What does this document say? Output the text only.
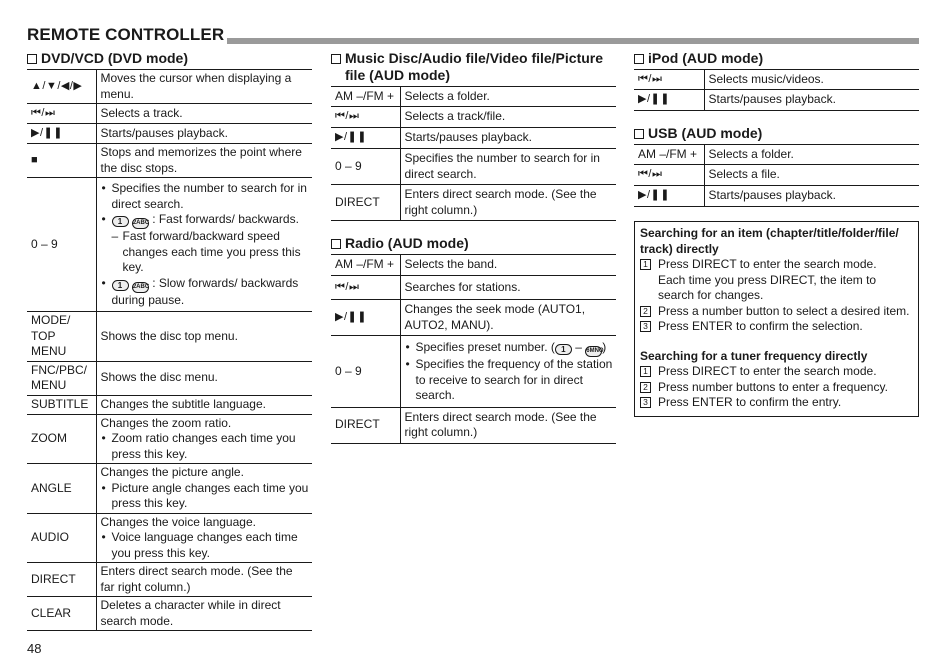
REMOTE CONTROLLER
DVD/VCD (DVD mode)
▲/▼/◀/▶	Moves the cursor when displaying a menu.
⏮/⏭	Selects a track.
▶/❚❚	Starts/pauses playback.
■	Stops and memorizes the point where the disc stops.
0 – 9	• Specifies the number to search for in direct search.
• 1 2ABC : Fast forwards/ backwards.
– Fast forward/backward speed changes each time you press this key.
• 1 2ABC : Slow forwards/ backwards during pause.

MODE/ TOP MENU	Shows the disc top menu.
FNC/PBC/ MENU	Shows the disc menu.
SUBTITLE	Changes the subtitle language.
ZOOM	Changes the zoom ratio.
• Zoom ratio changes each time you press this key.

ANGLE	Changes the picture angle.
• Picture angle changes each time you press this key.

AUDIO	Changes the voice language.
• Voice language changes each time you press this key.

DIRECT	Enters direct search mode. (See the far right column.)
CLEAR	Deletes a character while in direct search mode.
Music Disc/Audio file/Video file/Picture file (AUD mode)
AM –/FM +	Selects a folder.
⏮/⏭	Selects a track/file.
▶/❚❚	Starts/pauses playback.
0 – 9	Specifies the number to search for in direct search.
DIRECT	Enters direct search mode. (See the right column.)
Radio (AUD mode)
AM –/FM +	Selects the band.
⏮/⏭	Searches for stations.
▶/❚❚	Changes the seek mode (AUTO1, AUTO2, MANU).
0 – 9	• Specifies preset number. ( 1 – 6MNO)
• Specifies the frequency of the station to receive to search for in direct search.

DIRECT	Enters direct search mode. (See the right column.)
iPod (AUD mode)
⏮/⏭	Selects music/videos.
▶/❚❚	Starts/pauses playback.
USB (AUD mode)
AM –/FM +	Selects a folder.
⏮/⏭	Selects a file.
▶/❚❚	Starts/pauses playback.
Searching for an item (chapter/title/folder/file/ track) directly
1 Press DIRECT to enter the search mode.
Each time you press DIRECT, the item to search for changes.
2 Press a number button to select a desired item.
3 Press ENTER to confirm the selection.
Searching for a tuner frequency directly
1 Press DIRECT to enter the search mode.
2 Press number buttons to enter a frequency.
3 Press ENTER to confirm the entry.
48
